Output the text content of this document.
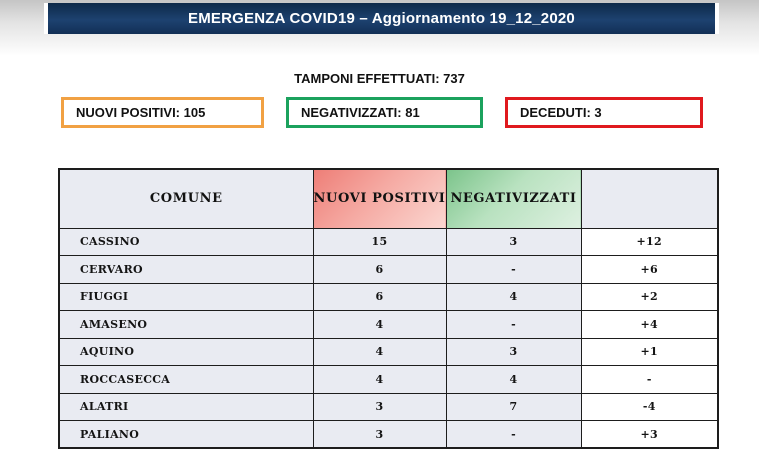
EMERGENZA COVID19 – Aggiornamento 19_12_2020
TAMPONI EFFETTUATI: 737
NUOVI POSITIVI: 105	NEGATIVIZZATI: 81	DECEDUTI: 3
COMUNE	NUOVI POSITIVI	NEGATIVIZZATI	
CASSINO	15	3	+12
CERVARO	6	-	+6
FIUGGI	6	4	+2
AMASENO	4	-	+4
AQUINO	4	3	+1
ROCCASECCA	4	4	-
ALATRI	3	7	-4
PALIANO	3	-	+3
